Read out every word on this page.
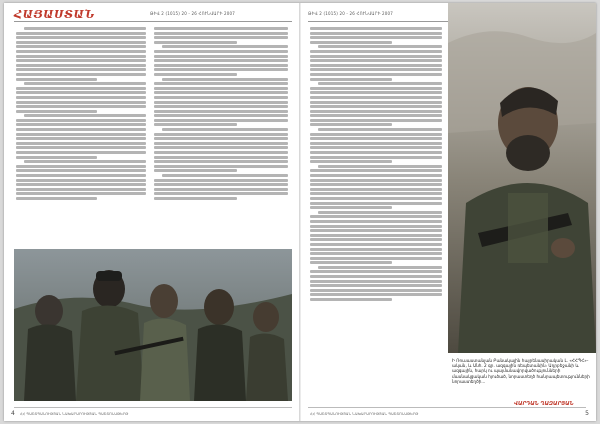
ՀԱՅԱՍՏԱՆ	ԹԻՎ 2 (1015) 20 - 26 ՀՈՒՆՎԱՐԻ 2007
4 ՀՀ ՊԱՇՏՊԱՆՈՒԹՅԱՆ ՆԱԽԱՐԱՐՈՒԹՅԱՆ ՊԱՇՏՈՆԱԹԵՐԹ
ԹԻՎ 2 (1015) 20 - 26 ՀՈՒՆՎԱՐԻ 2007
Ի Ռուսաստանյան Բանակային հայրենասիրական Լ. «ՀՀՊՀ»-ական, և Անհ. 2 գր. ազգային ռեպետանին։ Ադրբեջանի և ազգային, հարկ ու պայմանավորվածությունների մասնակցական հյուծած, նորաստեղծ հանրապետությունների նորաստեղծի...
ՎԱՐԴԱՆ ՂԱԶԱՐՅԱՆ
5
ՀՀ ՊԱՇՏՊԱՆՈՒԹՅԱՆ ՆԱԽԱՐԱՐՈՒԹՅԱՆ ՊԱՇՏՈՆԱԹԵՐԹ
